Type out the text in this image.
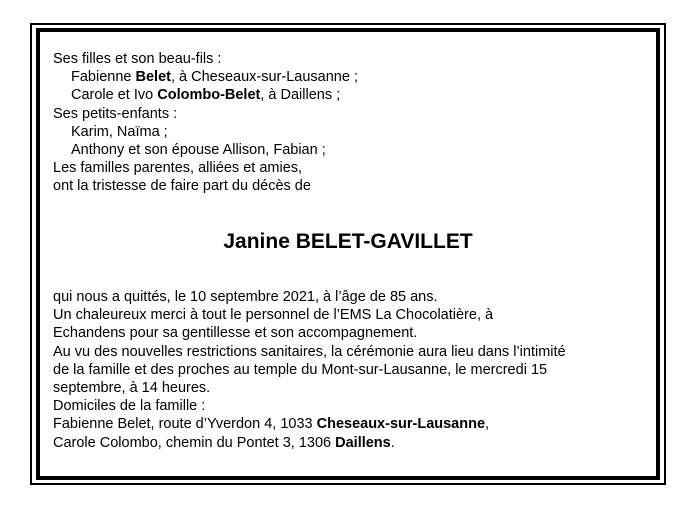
Ses filles et son beau-fils :
Fabienne Belet, à Cheseaux-sur-Lausanne ;
Carole et Ivo Colombo-Belet, à Daillens ;
Ses petits-enfants :
Karim, Naïma ;
Anthony et son épouse Allison, Fabian ;
Les familles parentes, alliées et amies,
ont la tristesse de faire part du décès de
Janine BELET-GAVILLET
qui nous a quittés, le 10 septembre 2021, à l’âge de 85 ans.
Un chaleureux merci à tout le personnel de l’EMS La Chocolatière, à
Echandens pour sa gentillesse et son accompagnement.
Au vu des nouvelles restrictions sanitaires, la cérémonie aura lieu dans l’intimité
de la famille et des proches au temple du Mont-sur-Lausanne, le mercredi 15
septembre, à 14 heures.
Domiciles de la famille :
Fabienne Belet, route d’Yverdon 4, 1033 Cheseaux-sur-Lausanne,
Carole Colombo, chemin du Pontet 3, 1306 Daillens.
